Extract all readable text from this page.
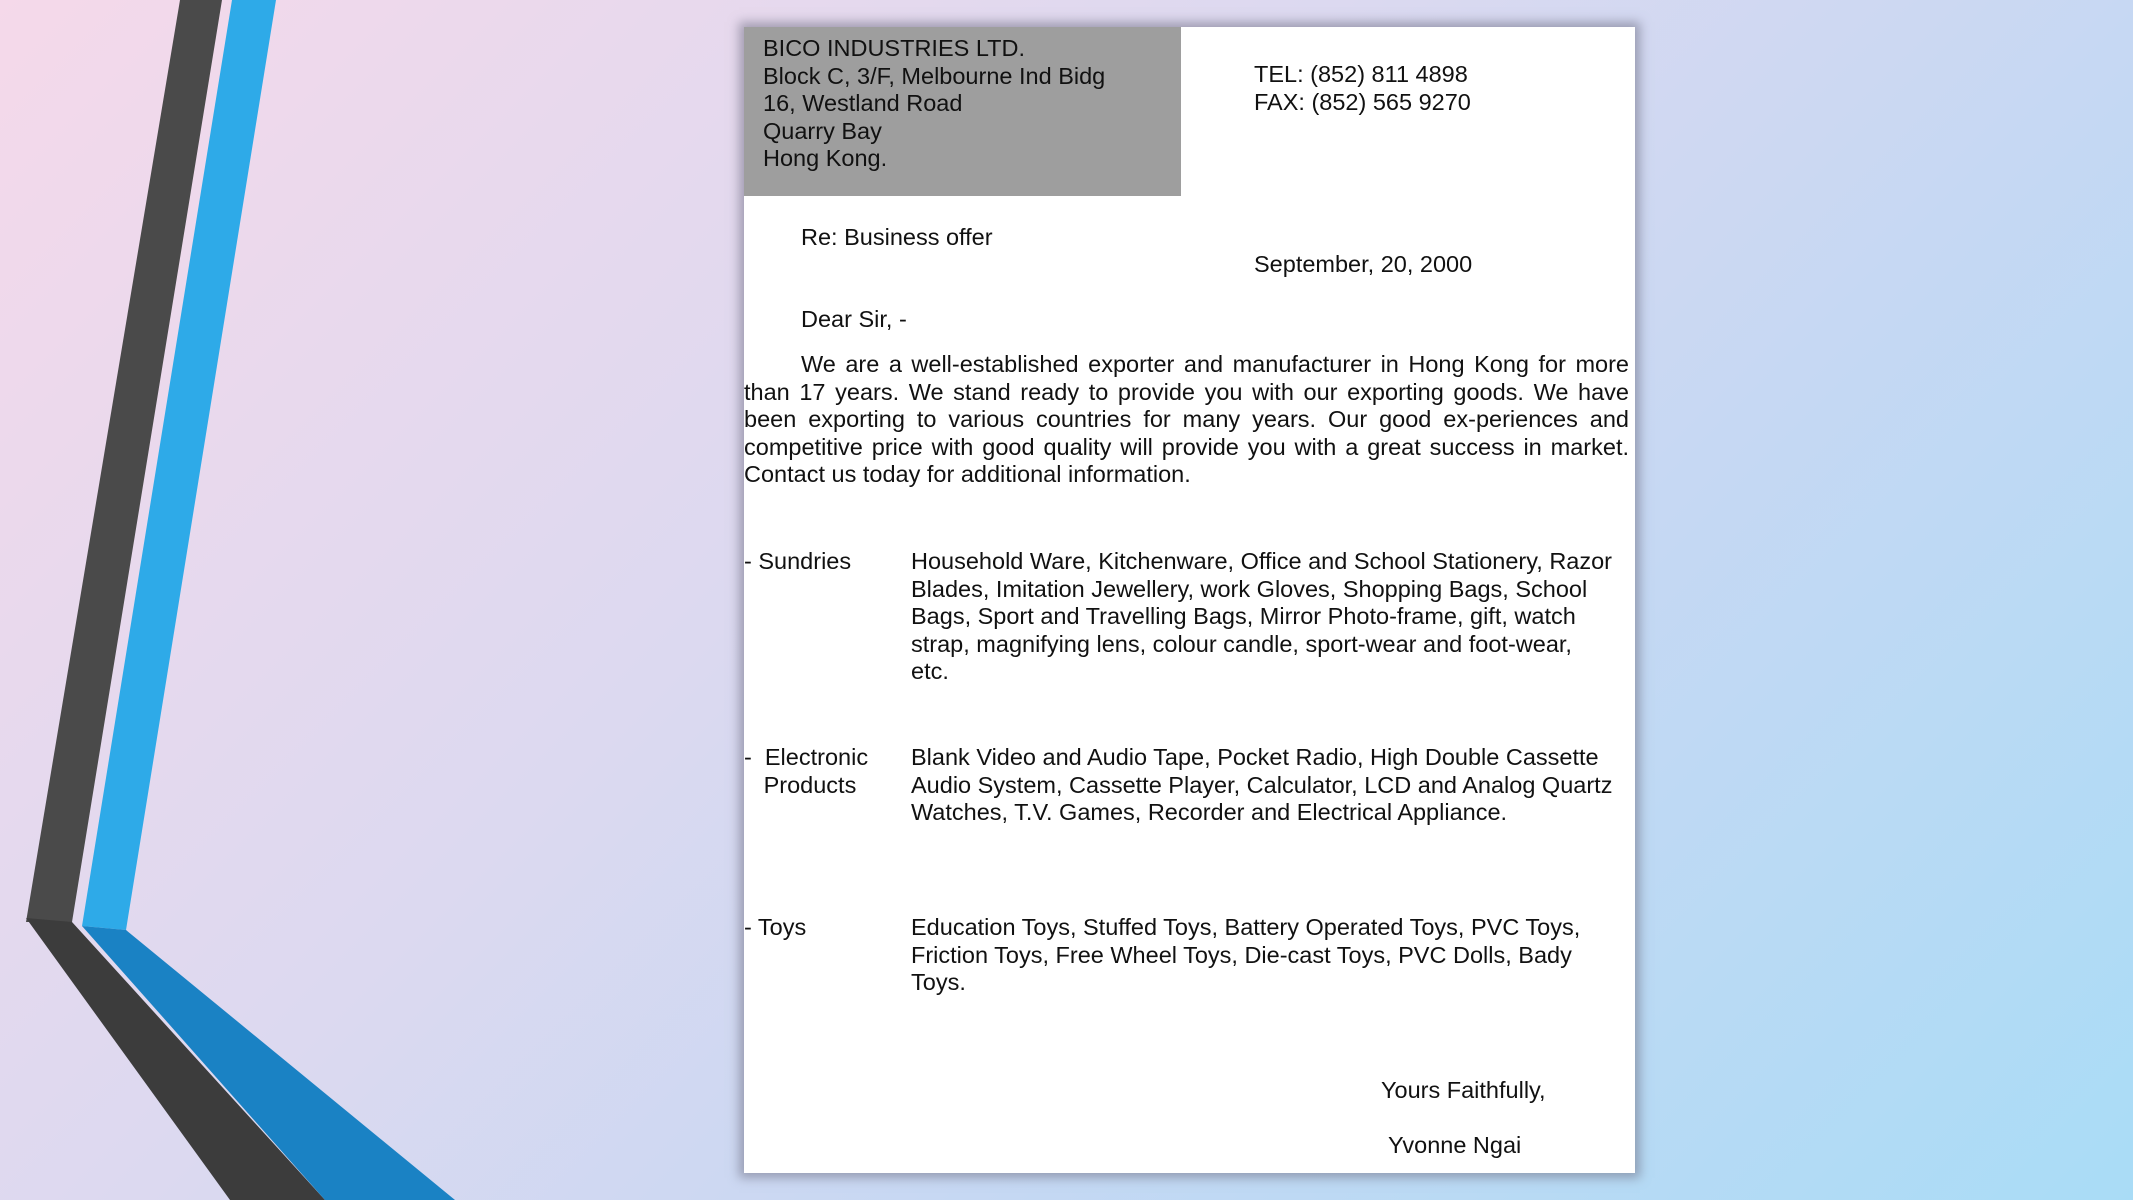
BICO INDUSTRIES LTD.
Block C, 3/F, Melbourne Ind Bidg
16, Westland Road
Quarry Bay
Hong Kong.
TEL: (852) 811 4898
FAX: (852) 565 9270
Re: Business offer
September, 20, 2000
Dear Sir, -
We are a well-established exporter and manufacturer in Hong Kong for more than 17 years. We stand ready to provide you with our exporting goods. We have been exporting to various countries for many years. Our good ex-periences and competitive price with good quality will provide you with a great success in market. Contact us today for additional information.
- Sundries	Household Ware, Kitchenware, Office and School Stationery, Razor Blades, Imitation Jewellery, work Gloves, Shopping Bags, School Bags, Sport and Travelling Bags, Mirror Photo-frame, gift, watch strap, magnifying lens, colour candle, sport-wear and foot-wear, etc.
-  Electronic
Products
Blank Video and Audio Tape, Pocket Radio, High Double Cassette Audio System, Cassette Player, Calculator, LCD and Analog Quartz Watches, T.V. Games, Recorder and Electrical Appliance.
- Toys	Education Toys, Stuffed Toys, Battery Operated Toys, PVC Toys, Friction Toys, Free Wheel Toys, Die-cast Toys, PVC Dolls, Bady Toys.
Yours Faithfully,
Yvonne Ngai
